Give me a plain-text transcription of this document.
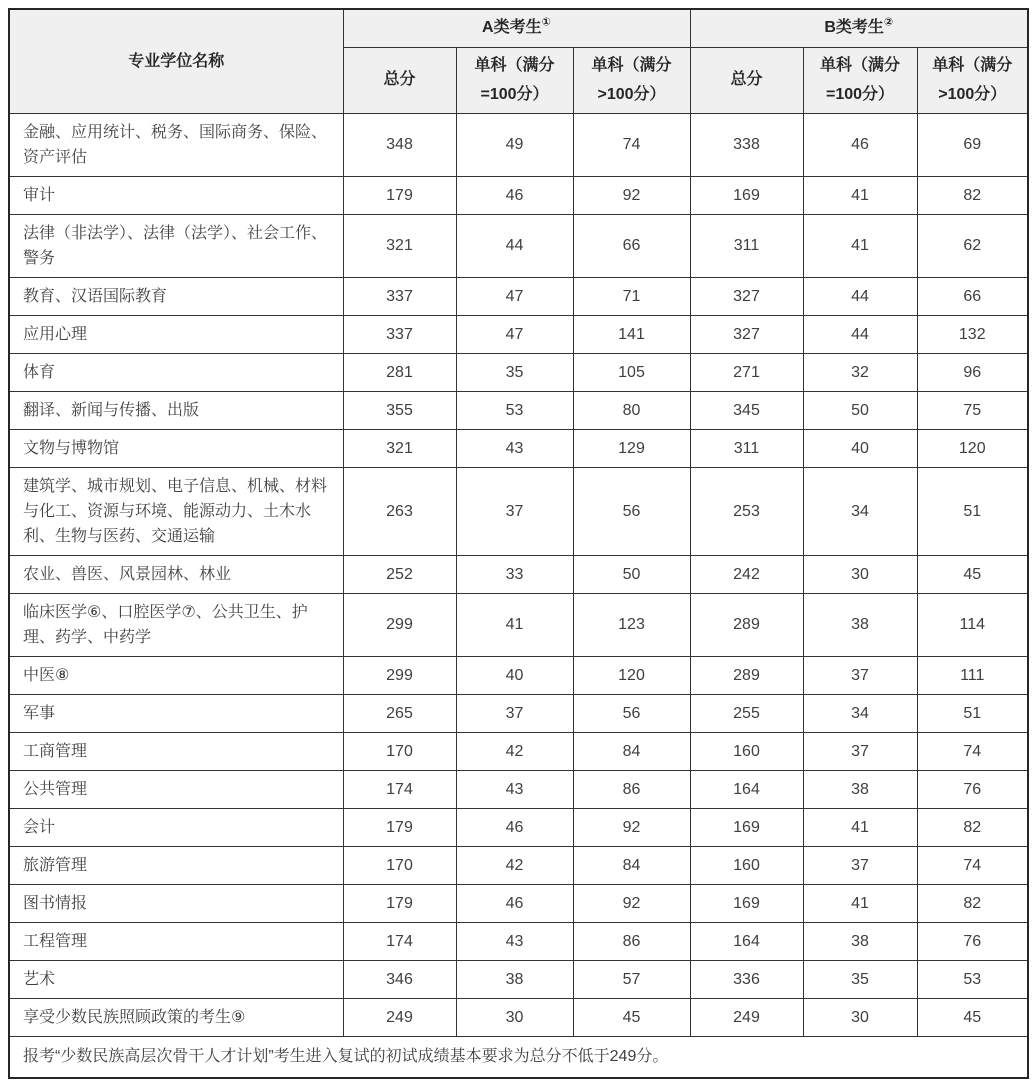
专业学位名称	A类考生①			B类考生②
	总分	单科（满分=100分）	单科（满分>100分）	总分	单科（满分=100分）	单科（满分>100分）
金融、应用统计、税务、国际商务、保险、资产评估	348	49	74	338	46	69
审计	179	46	92	169	41	82
法律（非法学）、法律（法学）、社会工作、警务	321	44	66	311	41	62
教育、汉语国际教育	337	47	71	327	44	66
应用心理	337	47	141	327	44	132
体育	281	35	105	271	32	96
翻译、新闻与传播、出版	355	53	80	345	50	75
文物与博物馆	321	43	129	311	40	120
建筑学、城市规划、电子信息、机械、材料与化工、资源与环境、能源动力、土木水利、生物与医药、交通运输	263	37	56	253	34	51
农业、兽医、风景园林、林业	252	33	50	242	30	45
临床医学⑥、口腔医学⑦、公共卫生、护理、药学、中药学	299	41	123	289	38	114
中医⑧	299	40	120	289	37	111
军事	265	37	56	255	34	51
工商管理	170	42	84	160	37	74
公共管理	174	43	86	164	38	76
会计	179	46	92	169	41	82
旅游管理	170	42	84	160	37	74
图书情报	179	46	92	169	41	82
工程管理	174	43	86	164	38	76
艺术	346	38	57	336	35	53
享受少数民族照顾政策的考生⑨	249	30	45	249	30	45
报考“少数民族高层次骨干人才计划”考生进入复试的初试成绩基本要求为总分不低于249分。						
